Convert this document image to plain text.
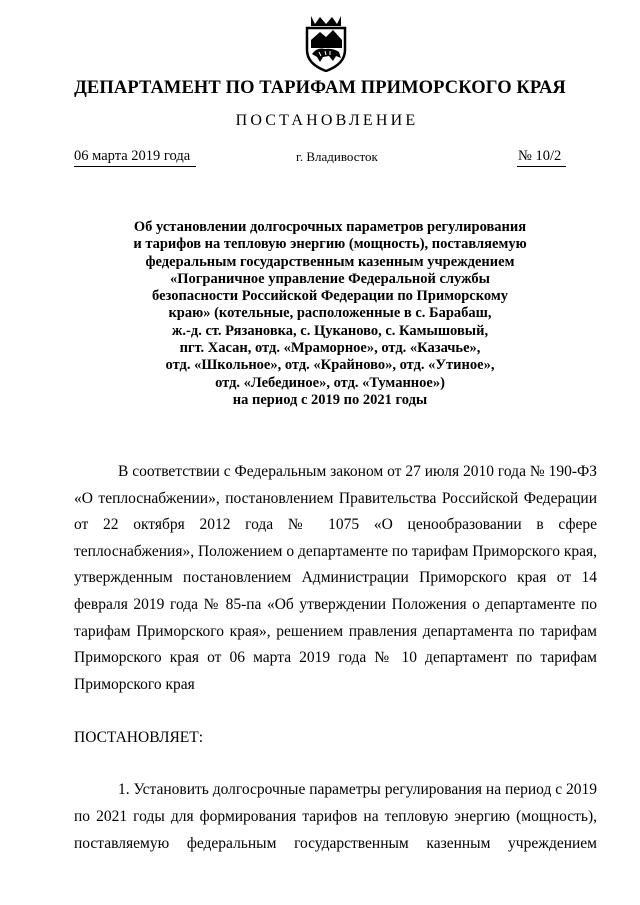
ДЕПАРТАМЕНТ ПО ТАРИФАМ ПРИМОРСКОГО КРАЯ
ПОСТАНОВЛЕНИЕ
06 марта 2019 года	г. Владивосток	№ 10/2
Об установлении долгосрочных параметров регулирования
и тарифов на тепловую энергию (мощность), поставляемую
федеральным государственным казенным учреждением
«Пограничное управление Федеральной службы
безопасности Российской Федерации по Приморскому
краю» (котельные, расположенные в с. Барабаш,
ж.-д. ст. Рязановка, с. Цуканово, с. Камышовый,
пгт. Хасан, отд. «Мраморное», отд. «Казачье»,
отд. «Школьное», отд. «Крайново», отд. «Утиное»,
отд. «Лебединое», отд. «Туманное»)
на период с 2019 по 2021 годы

В соответствии с Федеральным законом от 27 июля 2010 года № 190-ФЗ «О теплоснабжении», постановлением Правительства Российской Федерации от 22 октября 2012 года № 1075 «О ценообразовании в сфере теплоснабжения», Положением о департаменте по тарифам Приморского края, утвержденным постановлением Администрации Приморского края от 14 февраля 2019 года № 85-па «Об утверждении Положения о департаменте по тарифам Приморского края», решением правления департамента по тарифам Приморского края от 06 марта 2019 года № 10 департамент по тарифам Приморского края

ПОСТАНОВЛЯЕТ:

1. Установить долгосрочные параметры регулирования на период с 2019 по 2021 годы для формирования тарифов на тепловую энергию (мощность), поставляемую федеральным государственным казенным учреждением
